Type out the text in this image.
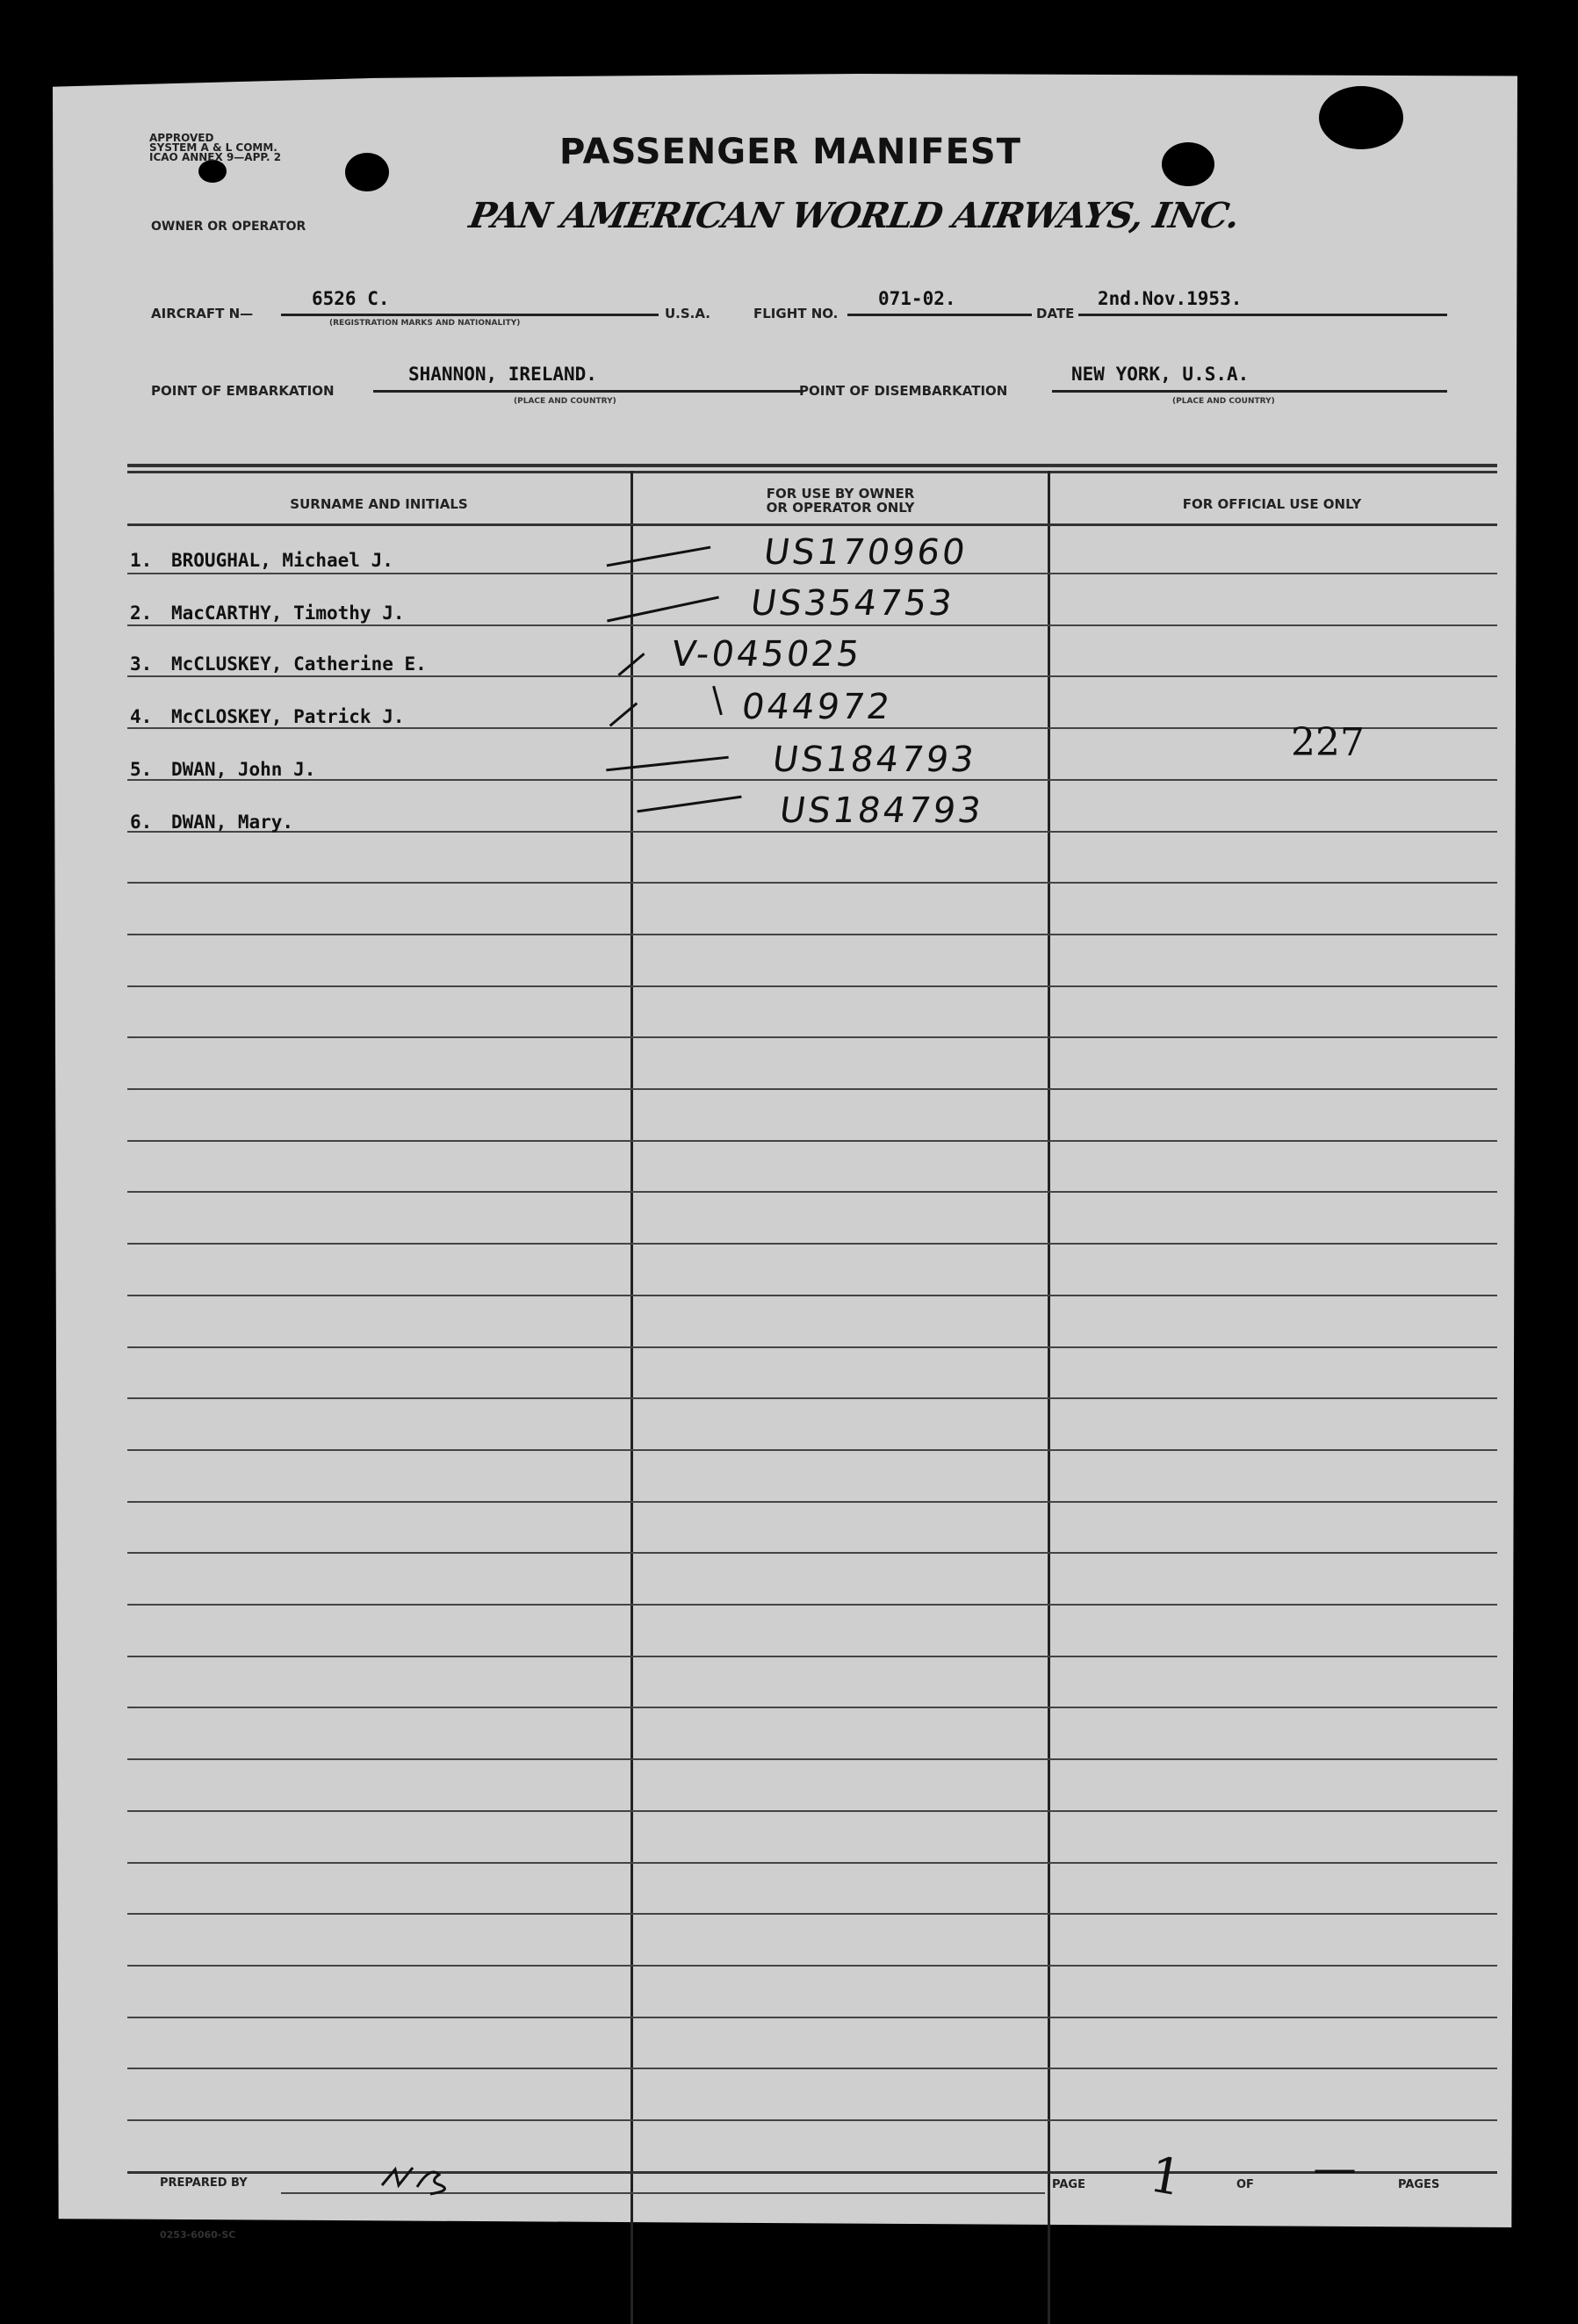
APPROVED
SYSTEM A & L COMM.
ICAO ANNEX 9—APP. 2	PASSENGER MANIFEST
OWNER OR OPERATOR	PAN AMERICAN WORLD AIRWAYS, INC.
AIRCRAFT N—
6526 C.
(REGISTRATION MARKS AND NATIONALITY)
U.S.A.	FLIGHT NO.
071-02.
DATE
2nd.Nov.1953.
POINT OF EMBARKATION
SHANNON, IRELAND.
(PLACE AND COUNTRY)
POINT OF DISEMBARKATION
NEW YORK, U.S.A.
(PLACE AND COUNTRY)
SURNAME AND INITIALS
FOR USE BY OWNER
OR OPERATOR ONLY	FOR OFFICIAL USE ONLY
1. BROUGHAL, Michael J.	US170960
2. MacCARTHY, Timothy J.	US354753
3. McCLUSKEY, Catherine E.	V-045025
4. McCLOSKEY, Patrick J.	044972
5. DWAN, John J.	US184793
6. DWAN, Mary.	US184793
227
PREPARED BY	PAGE 1	OF —	PAGES
0253-6060-SC
